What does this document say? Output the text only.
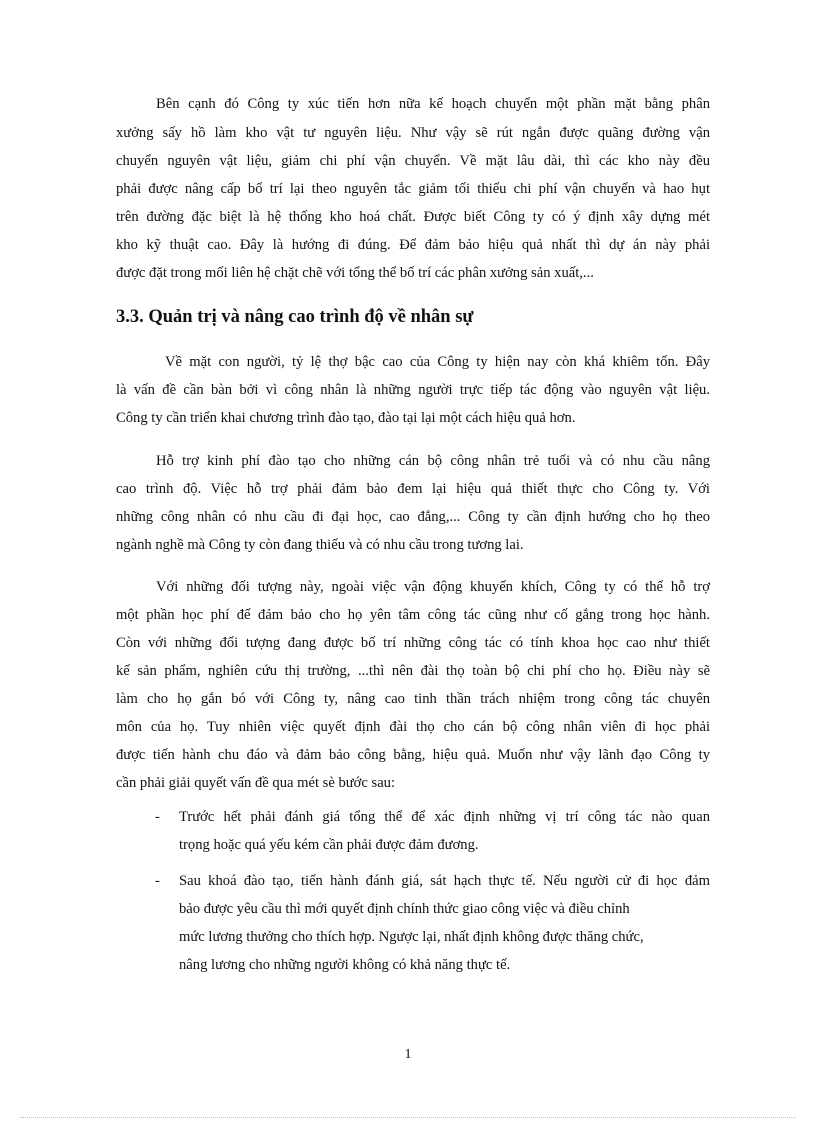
Bên cạnh đó Công ty xúc tiến hơn nữa kế hoạch chuyển một phần mặt bằng phân
xưởng sấy hồ làm kho vật tư nguyên liệu. Như vậy sẽ rút ngắn được quãng đường vận
chuyển nguyên vật liệu, giảm chi phí vận chuyển. Về mặt lâu dài, thì các kho này đều
phải được nâng cấp bố trí lại theo nguyên tắc giảm tối thiểu chi phí vận chuyển và hao hụt
trên đường đặc biệt là hệ thống kho hoá chất. Được biết Công ty có ý định xây dựng mét
kho kỹ thuật cao. Đây là hướng đi đúng. Để đảm bảo hiệu quả nhất thì dự án này phải
được đặt trong mối liên hệ chặt chẽ với tổng thể bố trí các phân xưởng sản xuất,...
3.3. Quản trị và nâng cao trình độ về nhân sự
Về mặt con người, tỷ lệ thợ bậc cao của Công ty hiện nay còn khá khiêm tốn. Đây
là vấn đề cần bàn bởi vì công nhân là những người trực tiếp tác động vào nguyên vật liệu.
Công ty cần triển khai chương trình đào tạo, đào tại lại một cách hiệu quả hơn.
Hỗ trợ kinh phí đào tạo cho những cán bộ công nhân trẻ tuổi và có nhu cầu nâng
cao trình độ. Việc hỗ trợ phải đảm bảo đem lại hiệu quả thiết thực cho Công ty. Với
những công nhân có nhu cầu đi đại học, cao đẳng,... Công ty cần định hướng cho họ theo
ngành nghề mà Công ty còn đang thiếu và có nhu cầu trong tương lai.
Với những đối tượng này, ngoài việc vận động khuyến khích, Công ty có thể hỗ trợ
một phần học phí để đảm bảo cho họ yên tâm công tác cũng như cố gắng trong học hành.
Còn với những đối tượng đang được bố trí những công tác có tính khoa học cao như thiết
kế sản phẩm, nghiên cứu thị trường, ...thì nên đài thọ toàn bộ chi phí cho họ. Điều này sẽ
làm cho họ gắn bó với Công ty, nâng cao tinh thần trách nhiệm trong công tác chuyên
môn của họ. Tuy nhiên việc quyết định đài thọ cho cán bộ công nhân viên đi học phải
được tiến hành chu đáo và đảm bảo công bằng, hiệu quả. Muốn như vậy lãnh đạo Công ty
cần phải giải quyết vấn đề qua mét sè bước sau:
- Trước hết phải đánh giá tổng thể để xác định những vị trí công tác nào quan
trọng hoặc quá yếu kém cần phải được đảm đương.
- Sau khoá đào tạo, tiến hành đánh giá, sát hạch thực tế. Nếu người cử đi học đảm
bảo được yêu cầu thì mới quyết định chính thức giao công việc và điều chỉnh
mức lương thưởng cho thích hợp. Ngược lại, nhất định không được thăng chức,
nâng lương cho những người không có khả năng thực tế.
1
